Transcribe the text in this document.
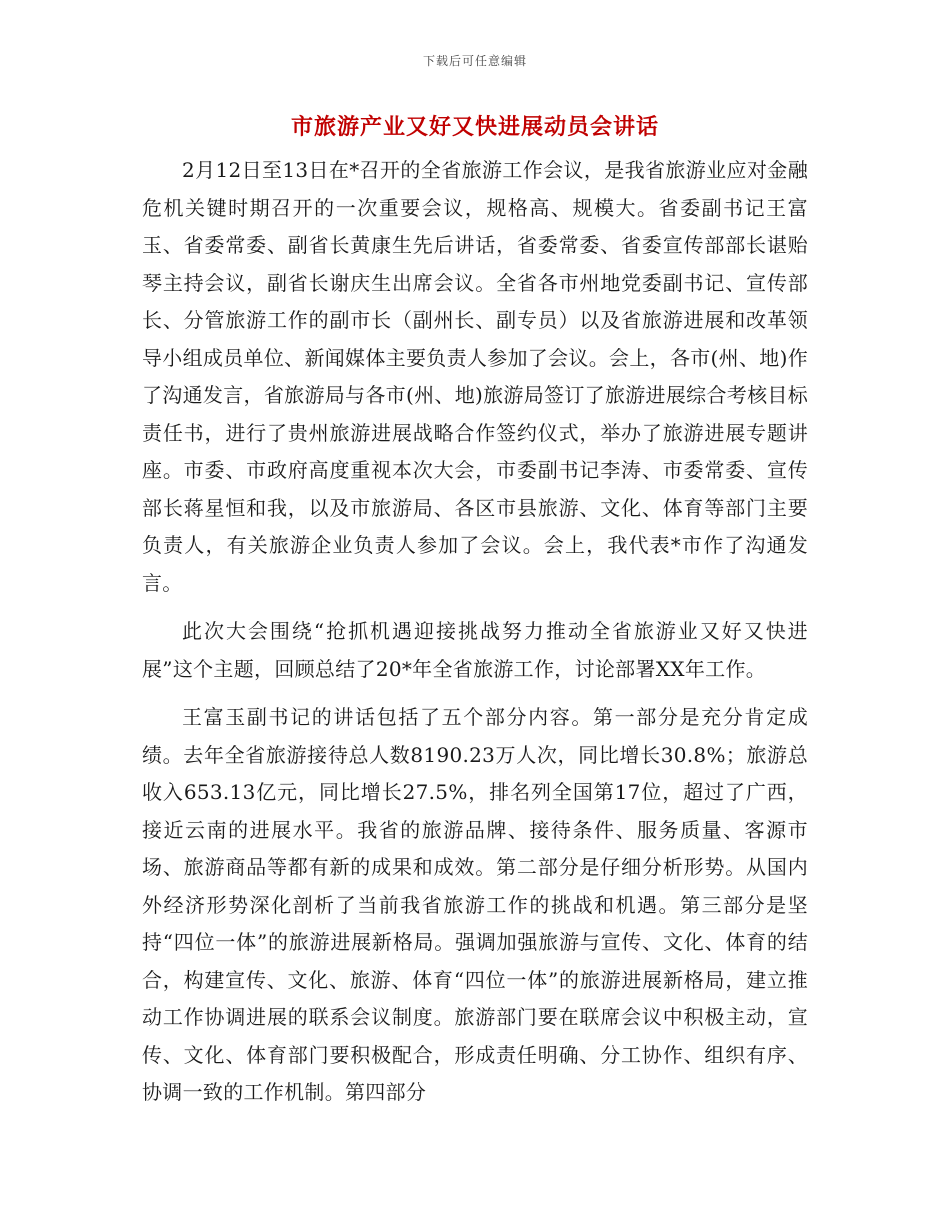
下载后可任意编辑
市旅游产业又好又快进展动员会讲话

2月12日至13日在*召开的全省旅游工作会议，是我省旅游业应对金融危机关键时期召开的一次重要会议，规格高、规模大。省委副书记王富玉、省委常委、副省长黄康生先后讲话，省委常委、省委宣传部部长谌贻琴主持会议，副省长谢庆生出席会议。全省各市州地党委副书记、宣传部长、分管旅游工作的副市长（副州长、副专员）以及省旅游进展和改革领导小组成员单位、新闻媒体主要负责人参加了会议。会上，各市(州、地)作了沟通发言，省旅游局与各市(州、地)旅游局签订了旅游进展综合考核目标责任书，进行了贵州旅游进展战略合作签约仪式，举办了旅游进展专题讲座。市委、市政府高度重视本次大会，市委副书记李涛、市委常委、宣传部长蒋星恒和我，以及市旅游局、各区市县旅游、文化、体育等部门主要负责人，有关旅游企业负责人参加了会议。会上，我代表*市作了沟通发言。

此次大会围绕“抢抓机遇迎接挑战努力推动全省旅游业又好又快进展”这个主题，回顾总结了20*年全省旅游工作，讨论部署XX年工作。

王富玉副书记的讲话包括了五个部分内容。第一部分是充分肯定成绩。去年全省旅游接待总人数8190.23万人次，同比增长30.8%；旅游总收入653.13亿元，同比增长27.5%，排名列全国第17位，超过了广西，接近云南的进展水平。我省的旅游品牌、接待条件、服务质量、客源市场、旅游商品等都有新的成果和成效。第二部分是仔细分析形势。从国内外经济形势深化剖析了当前我省旅游工作的挑战和机遇。第三部分是坚持“四位一体”的旅游进展新格局。强调加强旅游与宣传、文化、体育的结合，构建宣传、文化、旅游、体育“四位一体”的旅游进展新格局，建立推动工作协调进展的联系会议制度。旅游部门要在联席会议中积极主动，宣传、文化、体育部门要积极配合，形成责任明确、分工协作、组织有序、协调一致的工作机制。第四部分
